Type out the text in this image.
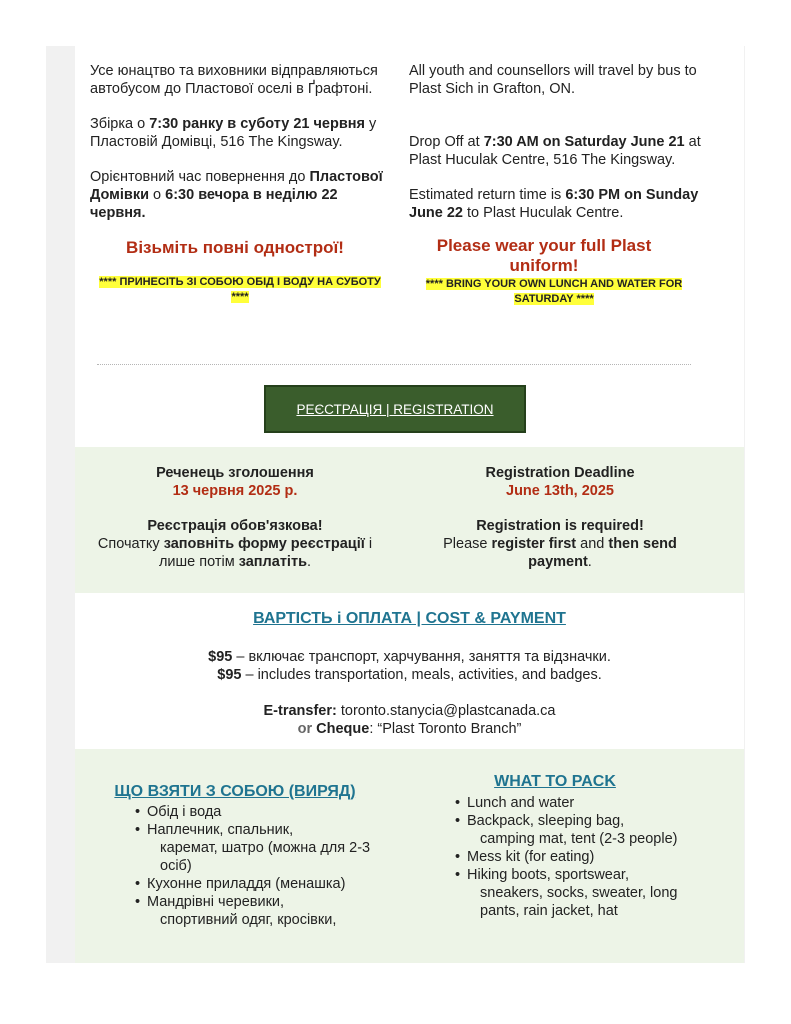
Усе юнацтво та виховники відправляються автобусом до Пластової оселі в Ґрафтоні.

Збірка о 7:30 ранку в суботу 21 червня у Пластовій Домівці, 516 The Kingsway.

Орієнтовний час повернення до Пластової Домівки о 6:30 вечора в неділю 22 червня.

Візьміть повні однострої!

**** ПРИНЕСІТЬ ЗІ СОБОЮ ОБІД І ВОДУ НА СУБОТУ ****

All youth and counsellors will travel by bus to Plast Sich in Grafton, ON.

Drop Off at 7:30 AM on Saturday June 21 at Plast Huculak Centre, 516 The Kingsway.

Estimated return time is 6:30 PM on Sunday June 22 to Plast Huculak Centre.

Please wear your full Plast uniform!

**** BRING YOUR OWN LUNCH AND WATER FOR SATURDAY ****

РЕЄСТРАЦІЯ | REGISTRATION

Реченець зголошення

13 червня 2025 р.

Реєстрація обов'язкова!

Спочатку заповніть форму реєстрації і лише потім заплатіть.

Registration Deadline

June 13th, 2025

Registration is required!

Please register first and then send payment.

ВАРТІСТЬ і ОПЛАТА | COST & PAYMENT

$95 – включає транспорт, харчування, заняття та відзначки.

$95 – includes transportation, meals, activities, and badges.

E-transfer: toronto.stanycia@plastcanada.ca

or Cheque: “Plast Toronto Branch”

ЩО ВЗЯТИ З СОБОЮ (ВИРЯД)
• Обід і вода
• Наплечник, спальник,
каремат, шатро (можна для 2-3 осіб)
• Кухонне приладдя (менашка)
• Мандрівні черевики,
спортивний одяг, кросівки,
WHAT TO PACK
• Lunch and water
• Backpack, sleeping bag,
camping mat, tent (2-3 people)
• Mess kit (for eating)
• Hiking boots, sportswear,
sneakers, socks, sweater, long pants, rain jacket, hat
